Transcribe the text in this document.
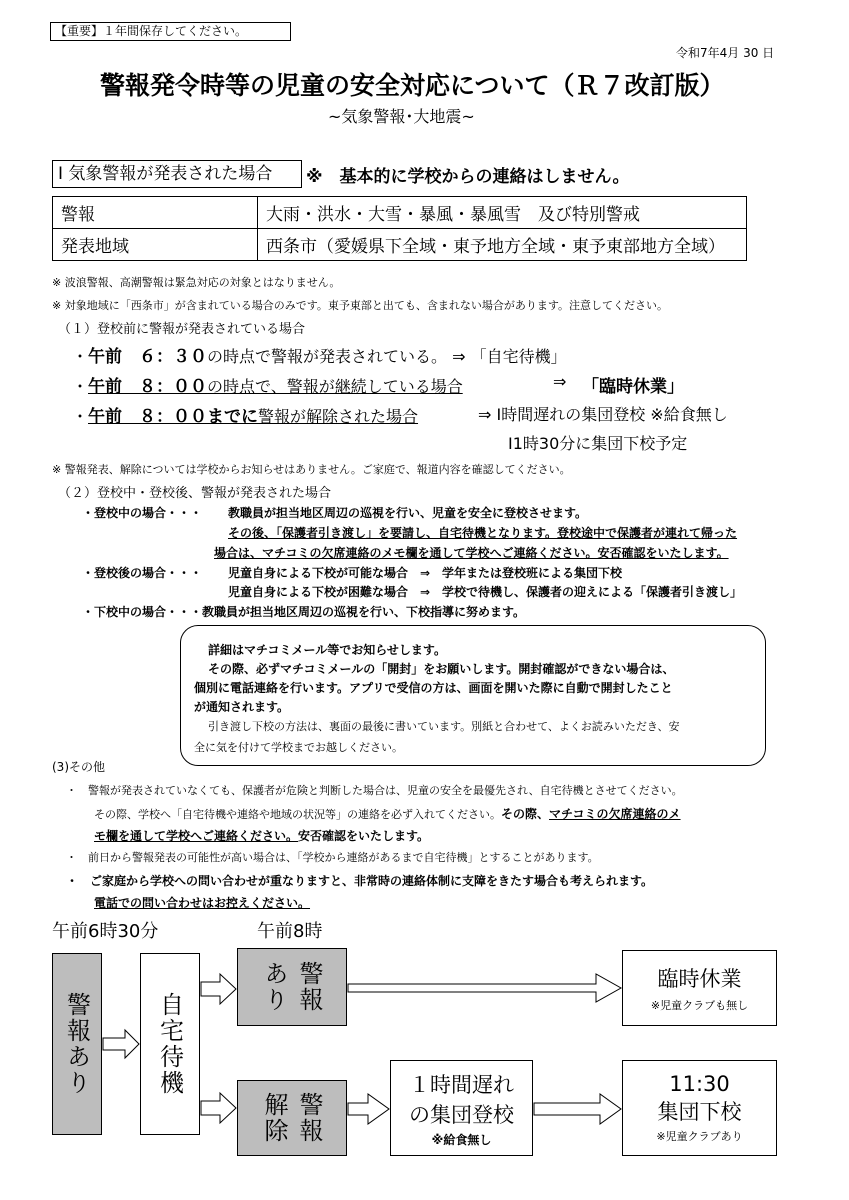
【重要】１年間保存してください。
令和7年4月 30 日
警報発令時等の児童の安全対応について（Ｒ７改訂版）
~気象警報･大地震~
Ⅰ 気象警報が発表された場合	※　基本的に学校からの連絡はしません。
警報	大雨・洪水・大雪・暴風・暴風雪　及び特別警戒
発表地域	西条市（愛媛県下全域・東予地方全域・東予東部地方全域）
※ 波浪警報、高潮警報は緊急対応の対象とはなりません。
※ 対象地域に「西条市」が含まれている場合のみです。東予東部と出ても、含まれない場合があります。注意してください。
（１）登校前に警報が発表されている場合
・午前　６：３０の時点で警報が発表されている。 ⇒ 「自宅待機」
・午前　８：００の時点で、警報が継続している場合	⇒ 「臨時休業」
・午前　８：００までに警報が解除された場合	⇒ Ⅰ時間遅れの集団登校 ※給食無し
Ⅰ1時30分に集団下校予定
※ 警報発表、解除については学校からお知らせはありません。ご家庭で、報道内容を確認してください。
（２）登校中・登校後、警報が発表された場合
・登校中の場合・・・ 教職員が担当地区周辺の巡視を行い、児童を安全に登校させます。
その後、「保護者引き渡し」を要請し、自宅待機となります。登校途中で保護者が連れて帰った
場合は、マチコミの欠席連絡のメモ欄を通して学校へご連絡ください。安否確認をいたします。
・登校後の場合・・・ 児童自身による下校が可能な場合　⇒　学年または登校班による集団下校
児童自身による下校が困難な場合　⇒　学校で待機し、保護者の迎えによる「保護者引き渡し」
・下校中の場合・・・教職員が担当地区周辺の巡視を行い、下校指導に努めます。
詳細はマチコミメール等でお知らせします。
その際、必ずマチコミメールの「開封」をお願いします。開封確認ができない場合は、
個別に電話連絡を行います。アプリで受信の方は、画面を開いた際に自動で開封したこと
が通知されます。
引き渡し下校の方法は、裏面の最後に書いています。別紙と合わせて、よくお読みいただき、安
全に気を付けて学校までお越しください。
(3)その他
・　警報が発表されていなくても、保護者が危険と判断した場合は、児童の安全を最優先され、自宅待機とさせてください。
その際、学校へ「自宅待機や連絡や地域の状況等」の連絡を必ず入れてください。その際、マチコミの欠席連絡のメ
モ欄を通して学校へご連絡ください。安否確認をいたします。
・　前日から警報発表の可能性が高い場合は、「学校から連絡があるまで自宅待機」とすることがあります。
・　ご家庭から学校への問い合わせが重なりますと、非常時の連絡体制に支障をきたす場合も考えられます。
電話での問い合わせはお控えください。
午前6時30分	午前8時
警報あり	自宅待機
警報あり
警報解除
臨時休業
※児童クラブも無し
１時間遅れ
の集団登校
※給食無し
11:30
集団下校
※児童クラブあり
